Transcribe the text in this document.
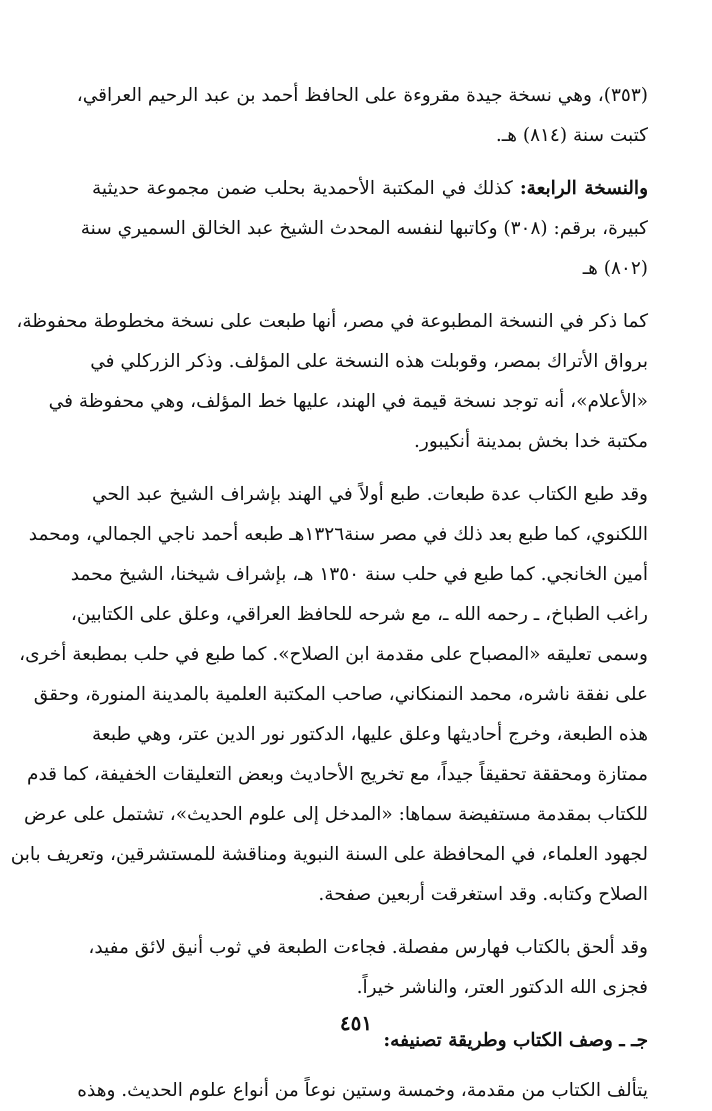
(٣٥٣)، وهي نسخة جيدة مقروءة على الحافظ أحمد بن عبد الرحيم العراقي،
كتبت سنة (٨١٤) هـ.
والنسخة الرابعة: كذلك في المكتبة الأحمدية بحلب ضمن مجموعة حديثية
كبيرة، برقم: (٣٠٨) وكاتبها لنفسه المحدث الشيخ عبد الخالق السميري سنة
(٨٠٢) هـ
كما ذكر في النسخة المطبوعة في مصر، أنها طبعت على نسخة مخطوطة محفوظة،
برواق الأتراك بمصر، وقوبلت هذه النسخة على المؤلف. وذكر الزركلي في
«الأعلام»، أنه توجد نسخة قيمة في الهند، عليها خط المؤلف، وهي محفوظة في
مكتبة خدا بخش بمدينة أنكيبور.
وقد طبع الكتاب عدة طبعات. طبع أولاً في الهند بإشراف الشيخ عبد الحي
اللكنوي، كما طبع بعد ذلك في مصر سنة١٣٢٦هـ طبعه أحمد ناجي الجمالي، ومحمد
أمين الخانجي. كما طبع في حلب سنة ١٣٥٠ هـ، بإشراف شيخنا، الشيخ محمد
راغب الطباخ، ـ رحمه الله ـ، مع شرحه للحافظ العراقي، وعلق على الكتابين،
وسمى تعليقه «المصباح على مقدمة ابن الصلاح». كما طبع في حلب بمطبعة أخرى،
على نفقة ناشره، محمد النمنكاني، صاحب المكتبة العلمية بالمدينة المنورة، وحقق
هذه الطبعة، وخرج أحاديثها وعلق عليها، الدكتور نور الدين عتر، وهي طبعة
ممتازة ومحققة تحقيقاً جيداً، مع تخريج الأحاديث وبعض التعليقات الخفيفة، كما قدم
للكتاب بمقدمة مستفيضة سماها: «المدخل إلى علوم الحديث»، تشتمل على عرض
لجهود العلماء، في المحافظة على السنة النبوية ومناقشة للمستشرقين، وتعريف بابن
الصلاح وكتابه. وقد استغرقت أربعين صفحة.
وقد ألحق بالكتاب فهارس مفصلة. فجاءت الطبعة في ثوب أنيق لائق مفيد،
فجزى الله الدكتور العتر، والناشر خيراً.
جـ ـ وصف الكتاب وطريقة تصنيفه:
يتألف الكتاب من مقدمة، وخمسة وستين نوعاً من أنواع علوم الحديث. وهذه
٤٥١
